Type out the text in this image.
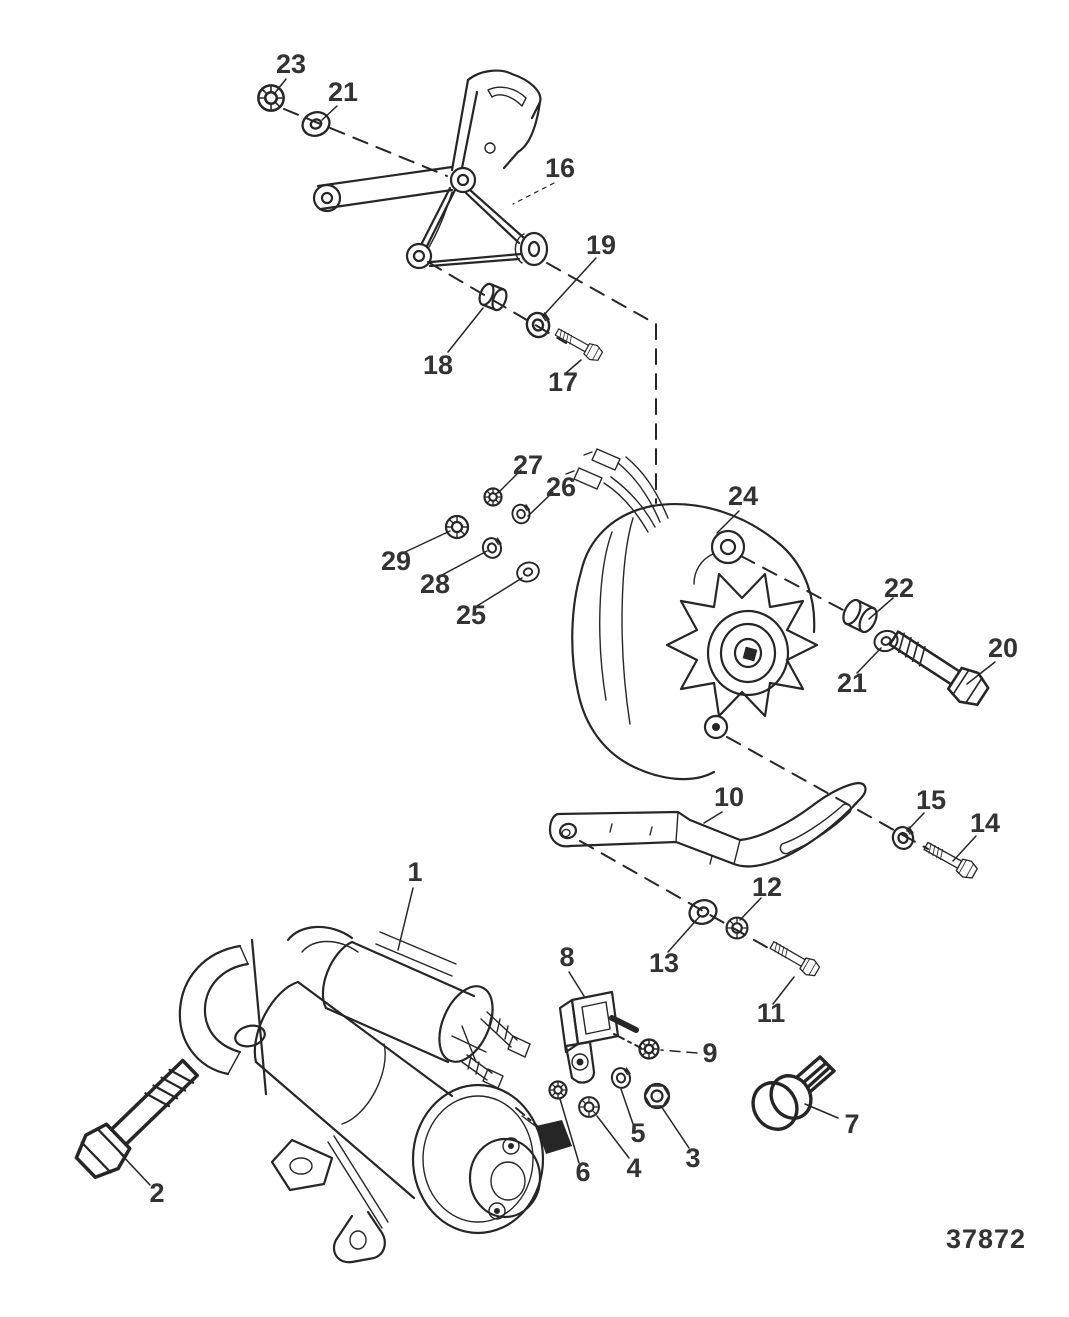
1
2
3
4
5
6
7
8
9
10
11
12
13
14
15
16
17
18
19
20
21
21
22
23
24
25
26
27
28
29
37872
